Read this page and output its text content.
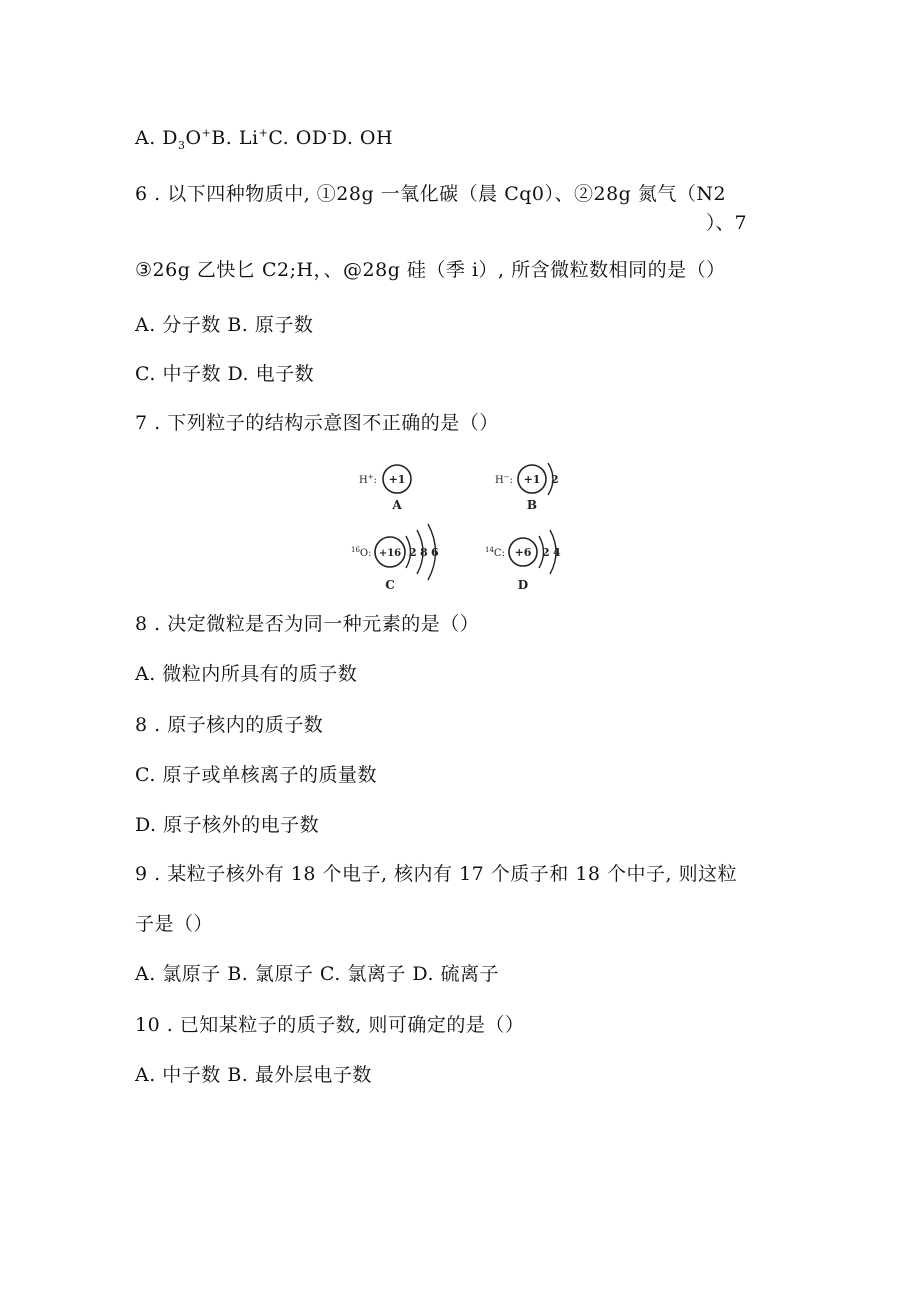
A. $D_3O^+B$. Li+C. OD-D. OH
6 . 以下四种物质中, ①28g 一氧化碳（晨 Cq0）、②28g 氮气（N2
）、7
③26g 乙快匕 C2;H，、@28g 硅（季 i）, 所含微粒数相同的是（）
A. 分子数 B. 原子数
C. 中子数 D. 电子数
7 . 下列粒子的结构示意图不正确的是（）
H+: +1
A
H−: +1 2
B
$^{16}$O: +16 2 8 6
C
$^{14}$C: +6 2 4
D
8 . 决定微粒是否为同一种元素的是（）
A. 微粒内所具有的质子数
8 . 原子核内的质子数
C. 原子或单核离子的质量数
D. 原子核外的电子数
9 . 某粒子核外有 18 个电子, 核内有 17 个质子和 18 个中子, 则这粒
子是（）
A. 氯原子 B. 氯原子 C. 氯离子 D. 硫离子
10 . 已知某粒子的质子数, 则可确定的是（）
A. 中子数 B. 最外层电子数
